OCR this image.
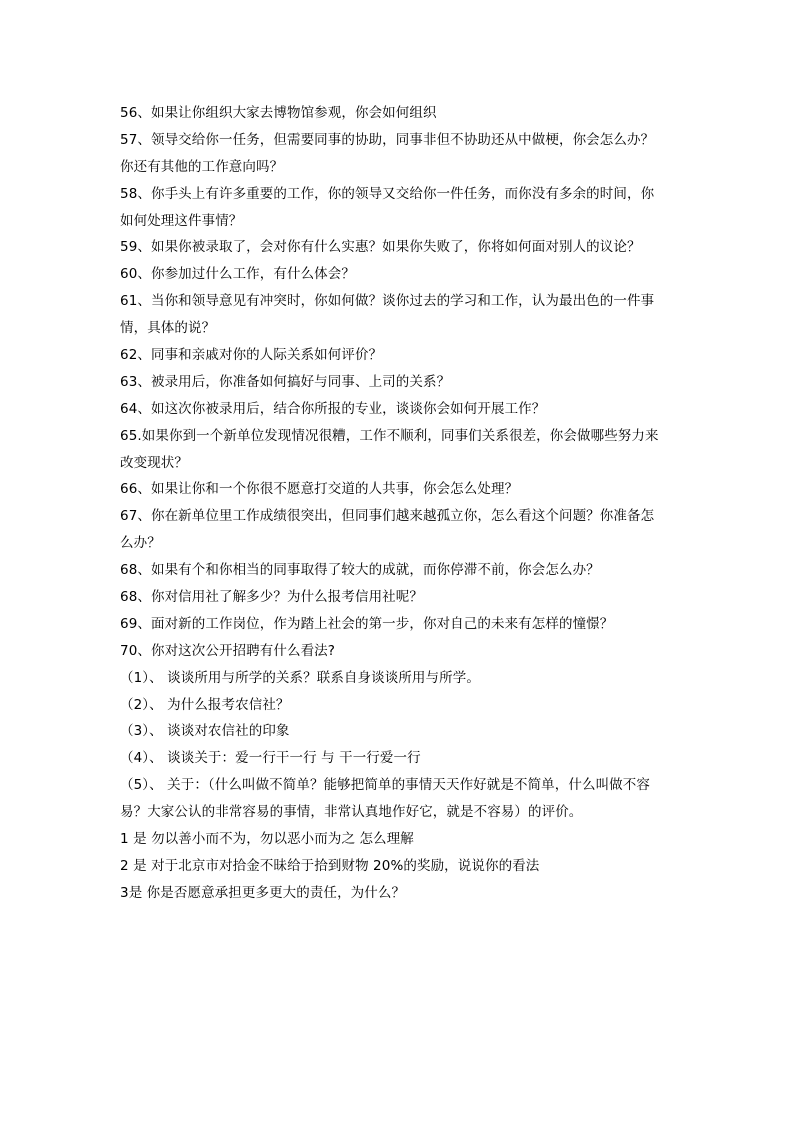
56、如果让你组织大家去博物馆参观，你会如何组织
57、领导交给你一任务，但需要同事的协助，同事非但不协助还从中做梗，你会怎么办？
你还有其他的工作意向吗？
58、你手头上有许多重要的工作，你的领导又交给你一件任务，而你没有多余的时间，你
如何处理这件事情？
59、如果你被录取了，会对你有什么实惠？如果你失败了，你将如何面对别人的议论？
60、你参加过什么工作，有什么体会？
61、当你和领导意见有冲突时，你如何做？谈你过去的学习和工作，认为最出色的一件事
情，具体的说？
62、同事和亲戚对你的人际关系如何评价？
63、被录用后，你准备如何搞好与同事、上司的关系？
64、如这次你被录用后，结合你所报的专业，谈谈你会如何开展工作？
65.如果你到一个新单位发现情况很糟，工作不顺利，同事们关系很差，你会做哪些努力来
改变现状？
66、如果让你和一个你很不愿意打交道的人共事，你会怎么处理？
67、你在新单位里工作成绩很突出，但同事们越来越孤立你，怎么看这个问题？你准备怎
么办？
68、如果有个和你相当的同事取得了较大的成就，而你停滞不前，你会怎么办？
68、你对信用社了解多少？为什么报考信用社呢？
69、面对新的工作岗位，作为踏上社会的第一步，你对自己的未来有怎样的憧憬？
70、你对这次公开招聘有什么看法?
（1）、 谈谈所用与所学的关系？联系自身谈谈所用与所学。
（2）、 为什么报考农信社？
（3）、 谈谈对农信社的印象
（4）、 谈谈关于：爱一行干一行 与 干一行爱一行
（5）、 关于：（什么叫做不简单？能够把简单的事情天天作好就是不简单，什么叫做不容
易？大家公认的非常容易的事情，非常认真地作好它，就是不容易）的评价。
1 是 勿以善小而不为，勿以恶小而为之 怎么理解
2 是 对于北京市对拾金不昧给于拾到财物 20%的奖励，说说你的看法
3是 你是否愿意承担更多更大的责任，为什么？
